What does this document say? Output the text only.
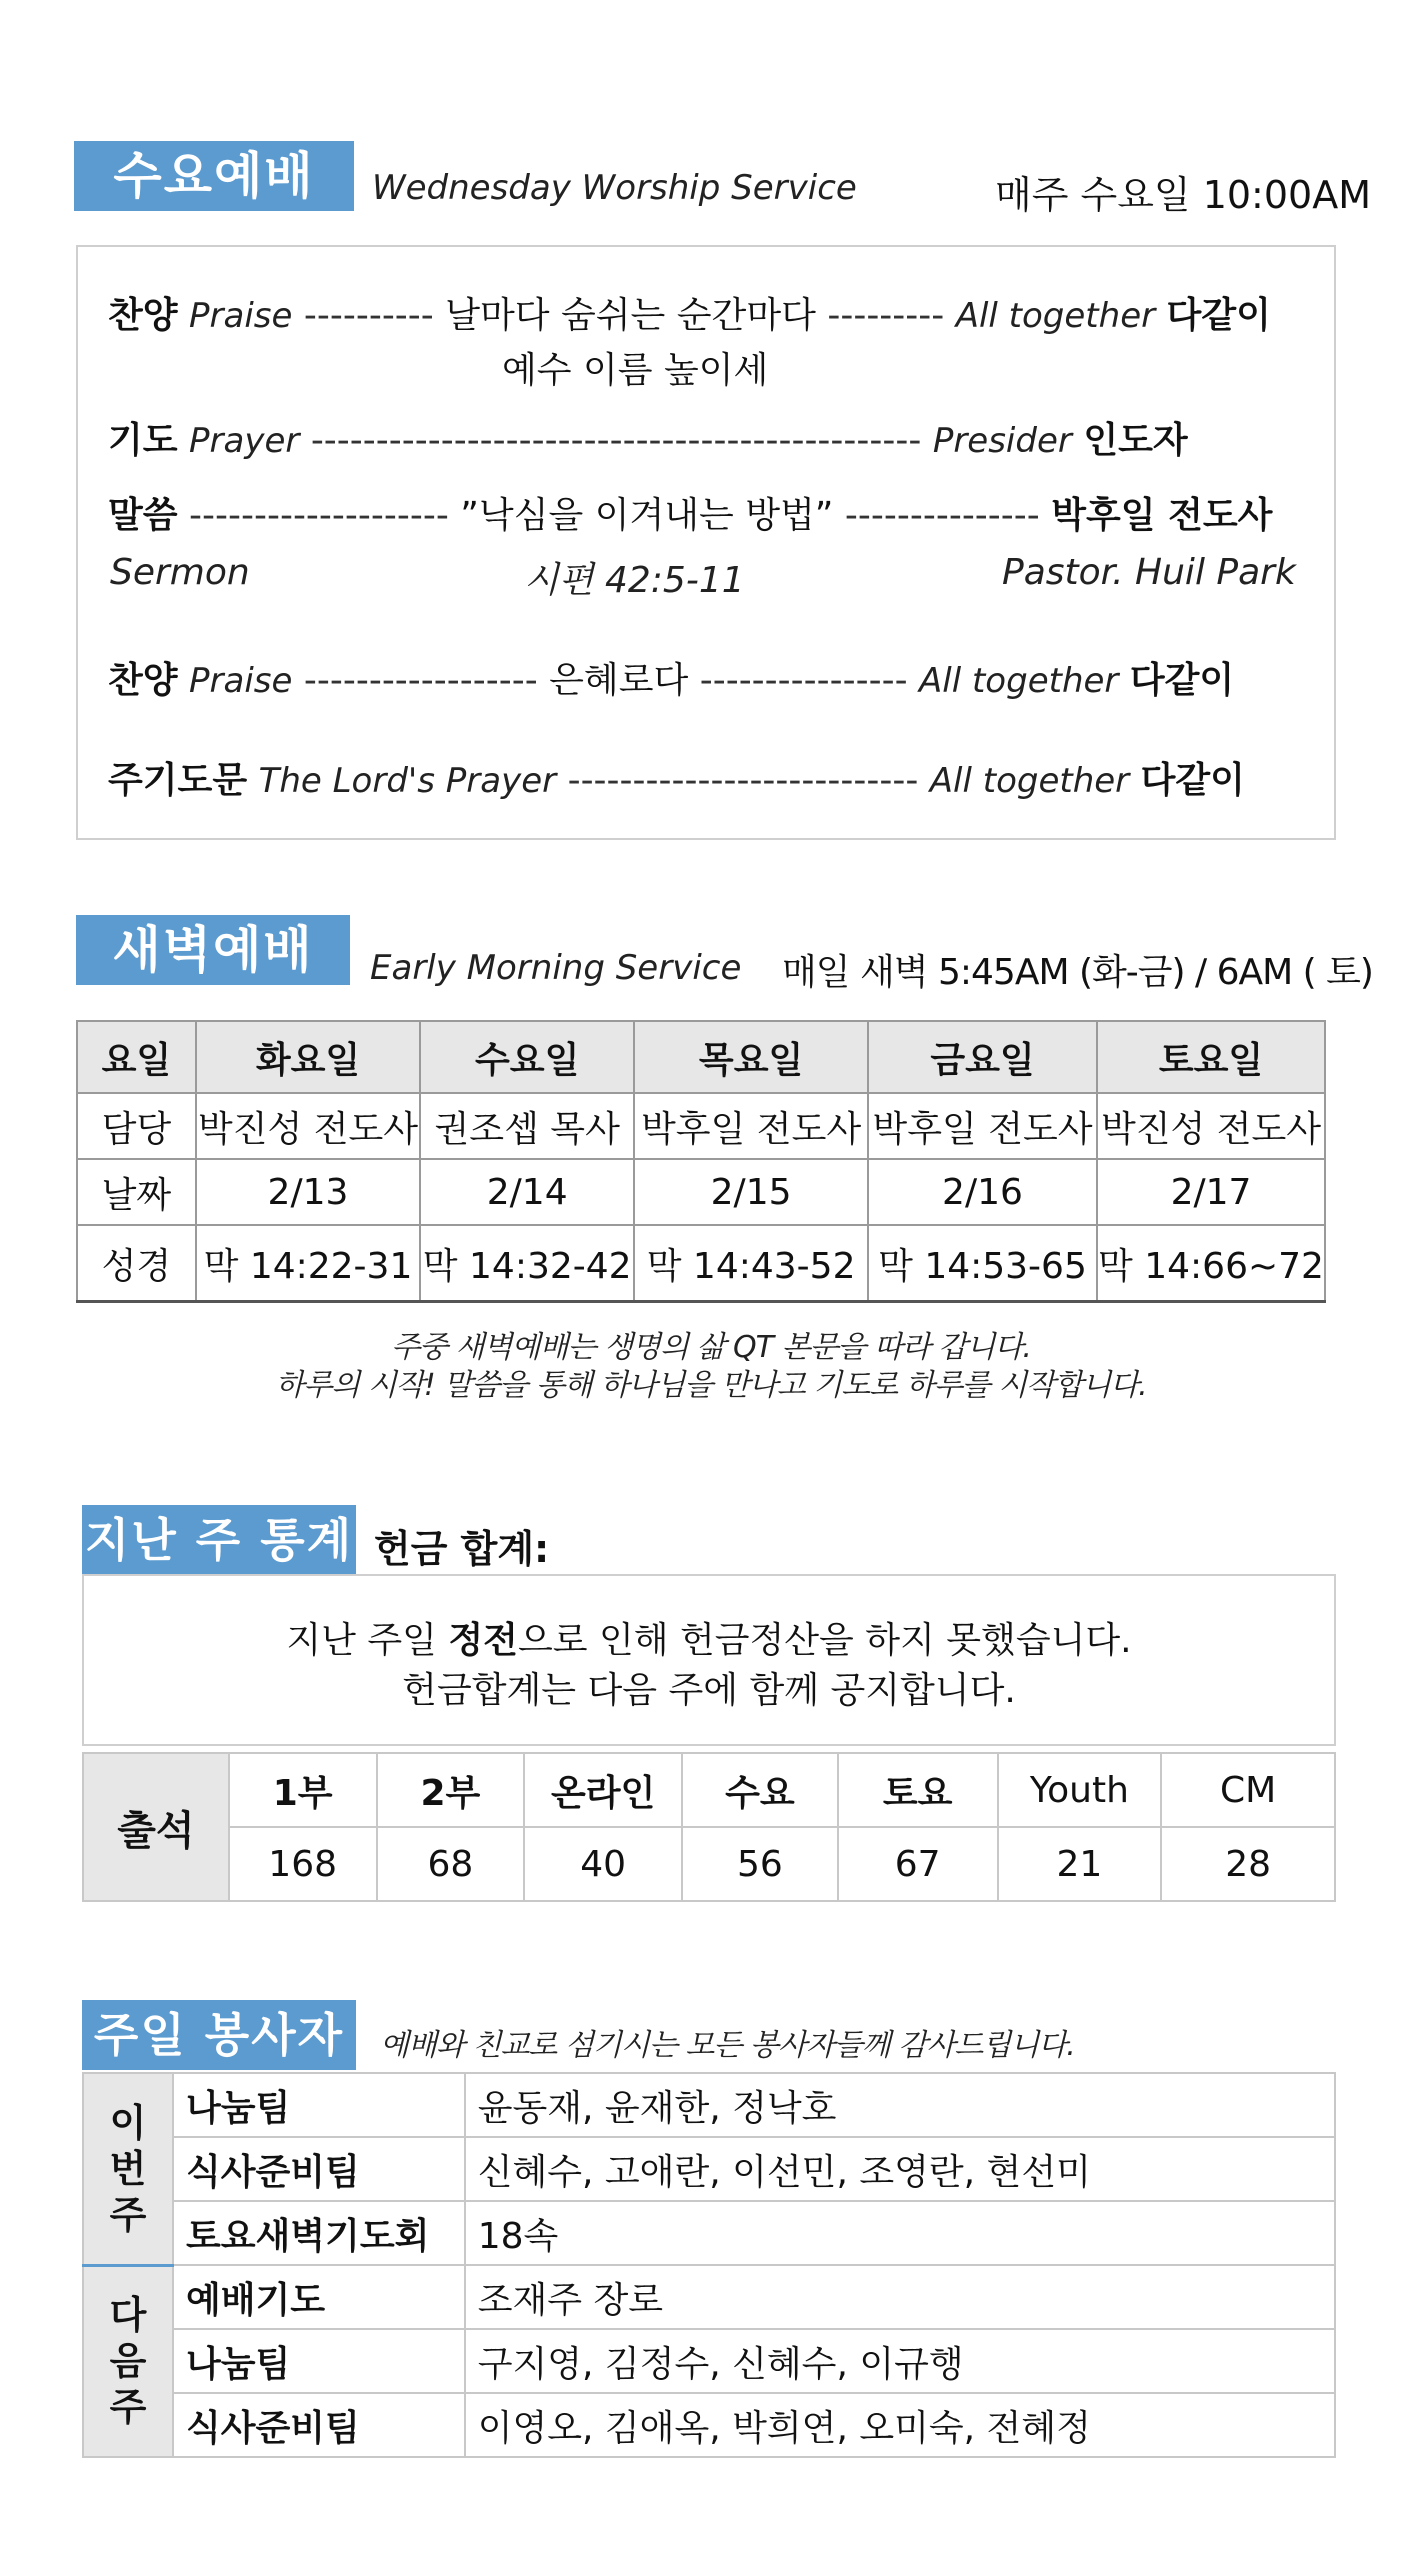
수요예배	Wednesday Worship Service	매주 수요일 10:00AM
찬양 Praise ---------- 날마다 숨쉬는 순간마다 --------- All together 다같이
예수 이름 높이세
기도 Prayer ----------------------------------------------- Presider 인도자
말씀 -------------------- ”낙심을 이겨내는 방법” --------------- 박후일 전도사
Sermon	시편 42:5-11	Pastor. Huil Park
찬양 Praise ------------------ 은혜로다 ---------------- All together 다같이
주기도문 The Lord's Prayer --------------------------- All together 다같이
새벽예배	Early Morning Service 매일 새벽 5:45AM (화-금) / 6AM ( 토)
요일	화요일	수요일	목요일	금요일	토요일
담당	박진성 전도사	권조셉 목사	박후일 전도사	박후일 전도사	박진성 전도사
날짜	2/13	2/14	2/15	2/16	2/17
성경	막 14:22-31	막 14:32-42	막 14:43-52	막 14:53-65	막 14:66~72
주중 새벽예배는 생명의 삶 QT 본문을 따라 갑니다.
하루의 시작! 말씀을 통해 하나님을 만나고 기도로 하루를 시작합니다.
지난 주 통계 헌금 합계:
지난 주일 정전으로 인해 헌금정산을 하지 못했습니다.
헌금합계는 다음 주에 함께 공지합니다.
출석	1부	2부	온라인	수요	토요	Youth	CM
	168	68	40	56	67	21	28
주일 봉사자	예배와 친교로 섬기시는 모든 봉사자들께 감사드립니다.
이번주	나눔팀	윤동재, 윤재한, 정낙호
	식사준비팀	신혜수, 고애란, 이선민, 조영란, 현선미
	토요새벽기도회	18속
다음주	예배기도	조재주 장로
	나눔팀	구지영, 김정수, 신혜수, 이규행
	식사준비팀	이영오, 김애옥, 박희연, 오미숙, 전혜정
